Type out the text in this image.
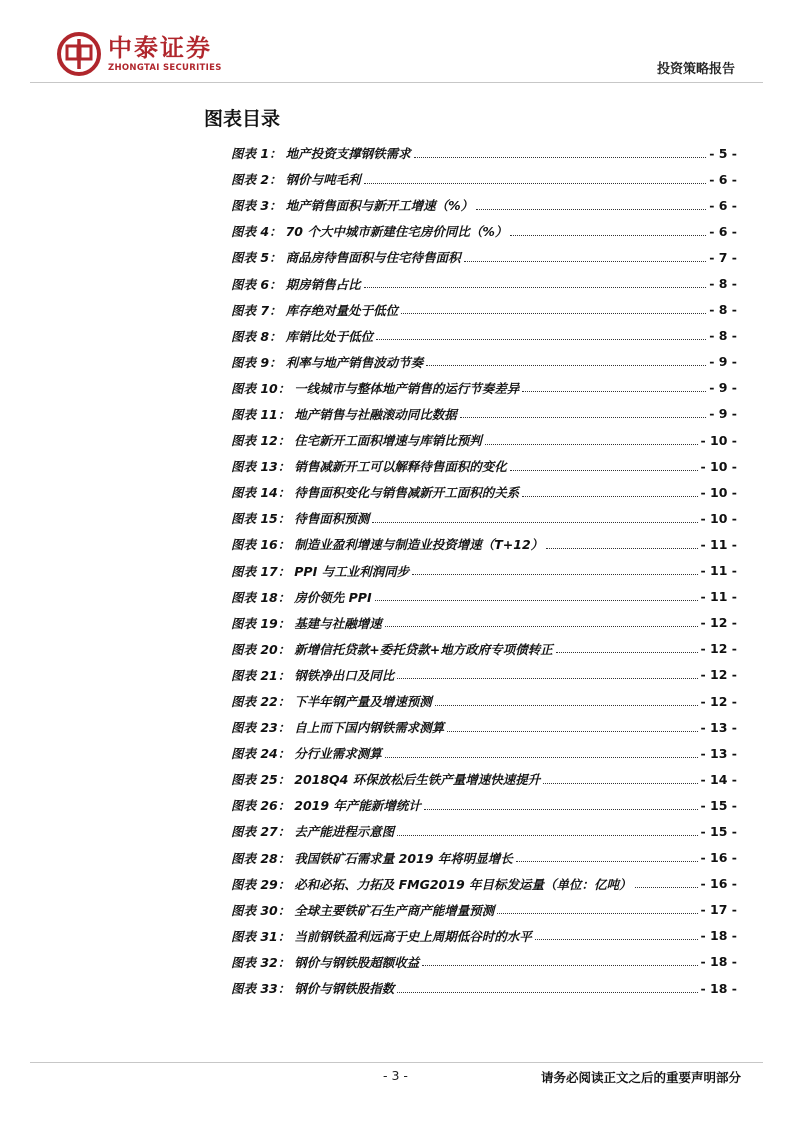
中泰证券
ZHONGTAI SECURITIES	投资策略报告
图表目录
图表 1： 地产投资支撑钢铁需求	- 5 -
图表 2： 钢价与吨毛利	- 6 -
图表 3： 地产销售面积与新开工增速（%）	- 6 -
图表 4： 70 个大中城市新建住宅房价同比（%）	- 6 -
图表 5： 商品房待售面积与住宅待售面积	- 7 -
图表 6： 期房销售占比	- 8 -
图表 7： 库存绝对量处于低位	- 8 -
图表 8： 库销比处于低位	- 8 -
图表 9： 利率与地产销售波动节奏	- 9 -
图表 10： 一线城市与整体地产销售的运行节奏差异	- 9 -
图表 11： 地产销售与社融滚动同比数据	- 9 -
图表 12： 住宅新开工面积增速与库销比预判	- 10 -
图表 13： 销售减新开工可以解释待售面积的变化	- 10 -
图表 14： 待售面积变化与销售减新开工面积的关系	- 10 -
图表 15： 待售面积预测	- 10 -
图表 16： 制造业盈利增速与制造业投资增速（T+12）	- 11 -
图表 17： PPI 与工业利润同步	- 11 -
图表 18： 房价领先 PPI	- 11 -
图表 19： 基建与社融增速	- 12 -
图表 20： 新增信托贷款+委托贷款+地方政府专项债转正	- 12 -
图表 21： 钢铁净出口及同比	- 12 -
图表 22： 下半年钢产量及增速预测	- 12 -
图表 23： 自上而下国内钢铁需求测算	- 13 -
图表 24： 分行业需求测算	- 13 -
图表 25： 2018Q4 环保放松后生铁产量增速快速提升	- 14 -
图表 26： 2019 年产能新增统计	- 15 -
图表 27： 去产能进程示意图	- 15 -
图表 28： 我国铁矿石需求量 2019 年将明显增长	- 16 -
图表 29： 必和必拓、力拓及 FMG2019 年目标发运量（单位：亿吨）	- 16 -
图表 30： 全球主要铁矿石生产商产能增量预测	- 17 -
图表 31： 当前钢铁盈利远高于史上周期低谷时的水平	- 18 -
图表 32： 钢价与钢铁股超额收益	- 18 -
图表 33： 钢价与钢铁股指数	- 18 -
- 3 -	请务必阅读正文之后的重要声明部分
